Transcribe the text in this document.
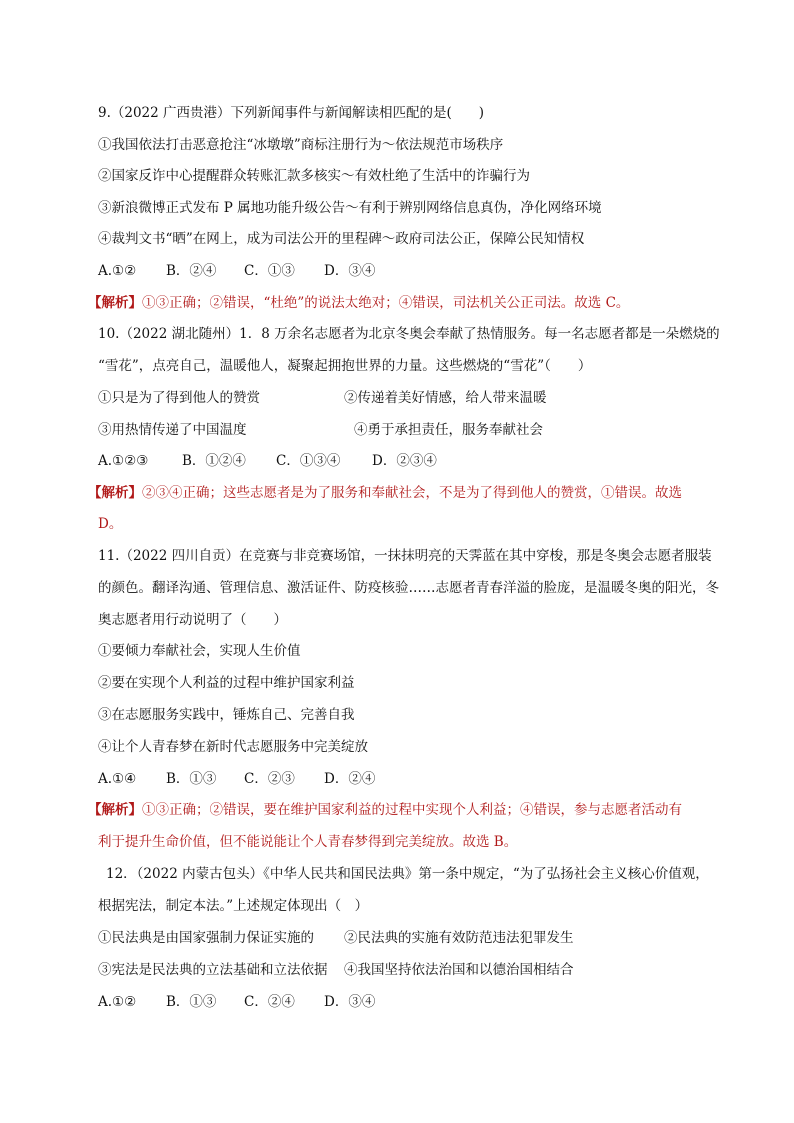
9.（2022 广西贵港）下列新闻事件与新闻解读相匹配的是(　　)
①我国依法打击恶意抢注“冰墩墩”商标注册行为～依法规范市场秩序
②国家反诈中心提醒群众转账汇款多核实～有效杜绝了生活中的诈骗行为
③新浪微博正式发布 P 属地功能升级公告～有利于辨别网络信息真伪，净化网络环境
④裁判文书“晒”在网上，成为司法公开的里程碑～政府司法公正，保障公民知情权
A.①② B．②④ C．①③ D．③④
【解析】①③正确；②错误，“杜绝”的说法太绝对；④错误，司法机关公正司法。故选 C。
10.（2022 湖北随州）1．8 万余名志愿者为北京冬奥会奉献了热情服务。每一名志愿者都是一朵燃烧的
“雪花”，点亮自己，温暖他人，凝聚起拥抱世界的力量。这些燃烧的“雪花”（　　）
①只是为了得到他人的赞赏	②传递着美好情感，给人带来温暖
③用热情传递了中国温度	④勇于承担责任，服务奉献社会
A.①②③ B．①②④ C．①③④ D．②③④
【解析】②③④正确；这些志愿者是为了服务和奉献社会，不是为了得到他人的赞赏，①错误。故选
D。
11.（2022 四川自贡）在竞赛与非竞赛场馆，一抹抹明亮的天霁蓝在其中穿梭，那是冬奥会志愿者服装
的颜色。翻译沟通、管理信息、激活证件、防疫核验……志愿者青春洋溢的脸庞，是温暖冬奥的阳光，冬
奥志愿者用行动说明了（　　）
①要倾力奉献社会，实现人生价值
②要在实现个人利益的过程中维护国家利益
③在志愿服务实践中，锤炼自己、完善自我
④让个人青春梦在新时代志愿服务中完美绽放
A.①④ B．①③ C．②③ D．②④
【解析】①③正确；②错误，要在维护国家利益的过程中实现个人利益；④错误，参与志愿者活动有
利于提升生命价值，但不能说能让个人青春梦得到完美绽放。故选 B。
12．（2022 内蒙古包头）《中华人民共和国民法典》第一条中规定，“为了弘扬社会主义核心价值观，
根据宪法，制定本法。”上述规定体现出（　）
①民法典是由国家强制力保证实施的 ②民法典的实施有效防范违法犯罪发生
③宪法是民法典的立法基础和立法依据 ④我国坚持依法治国和以德治国相结合
A.①② B．①③ C．②④ D．③④
